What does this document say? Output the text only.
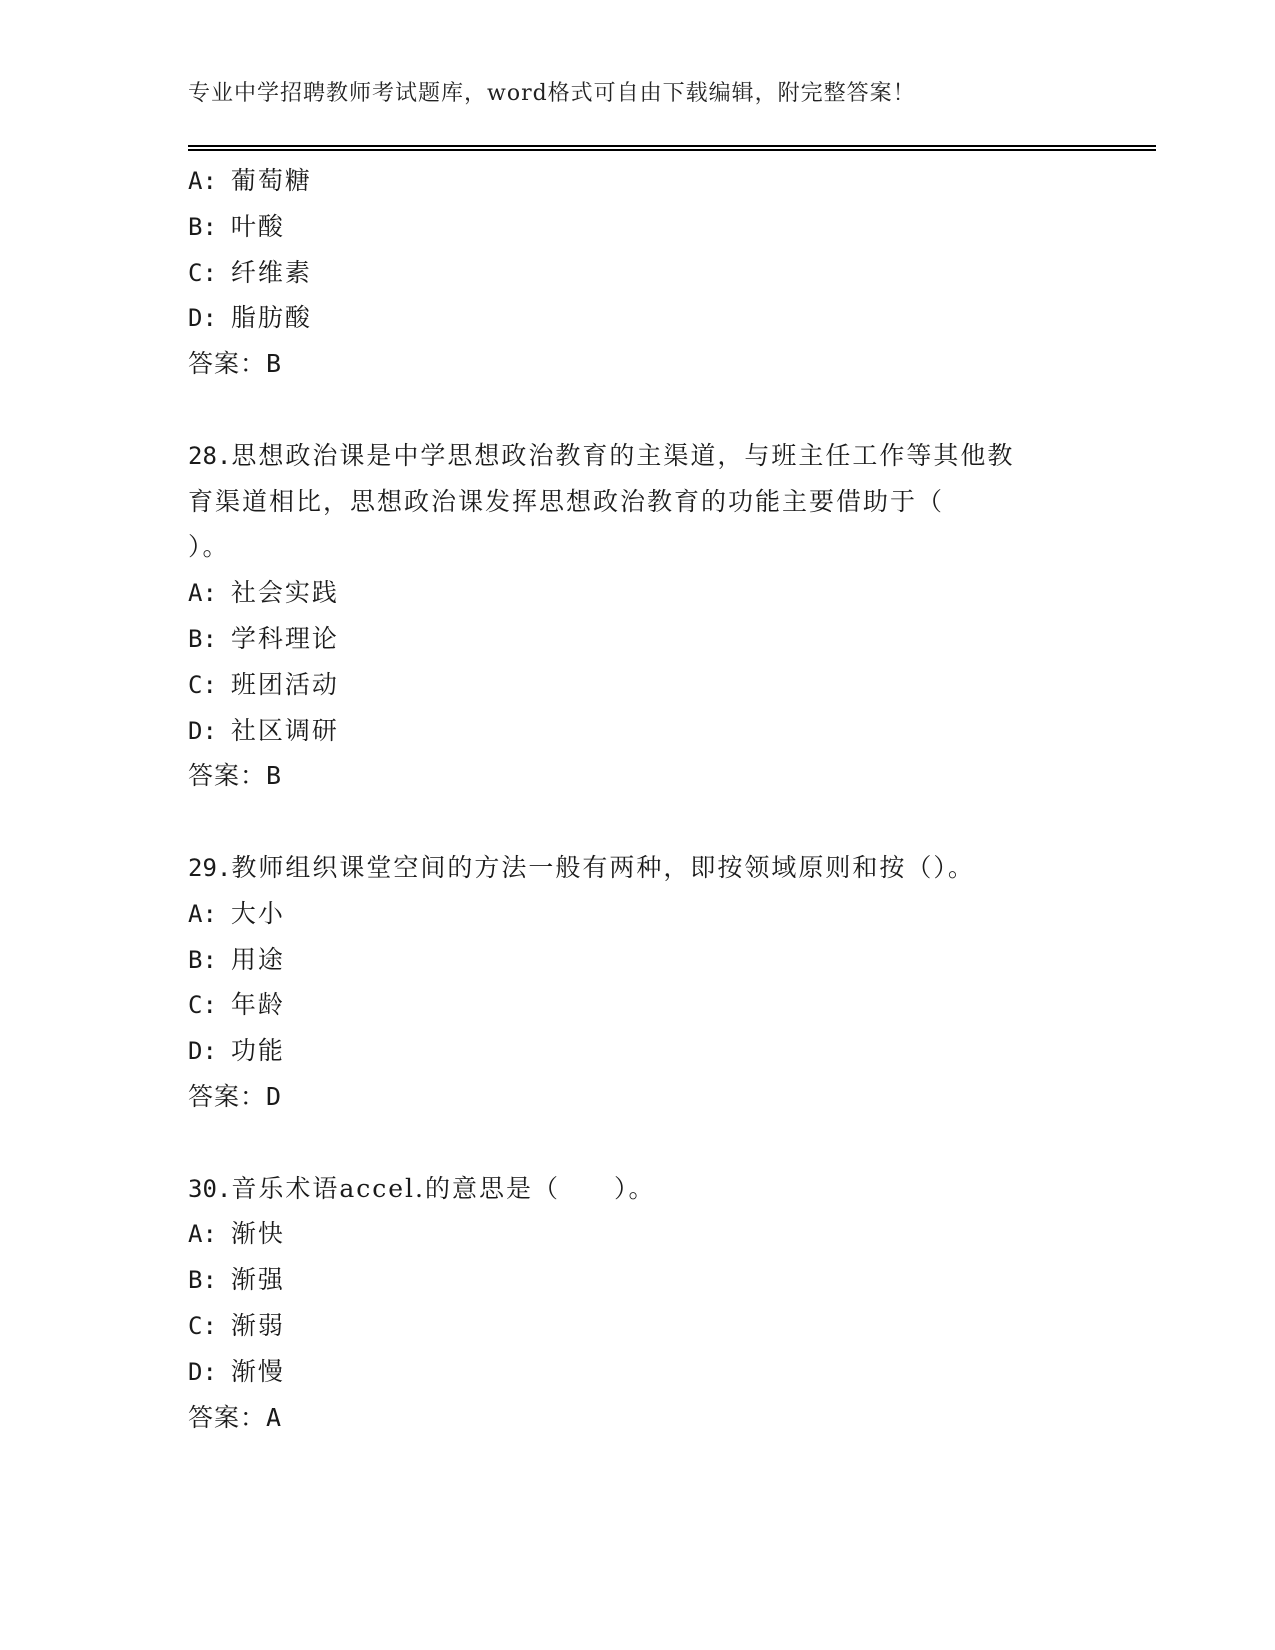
专业中学招聘教师考试题库，word格式可自由下载编辑，附完整答案！
A: 葡萄糖
B: 叶酸
C: 纤维素
D: 脂肪酸
答案：B
28.思想政治课是中学思想政治教育的主渠道，与班主任工作等其他教
育渠道相比，思想政治课发挥思想政治教育的功能主要借助于（
）。
A: 社会实践
B: 学科理论
C: 班团活动
D: 社区调研
答案：B
29.教师组织课堂空间的方法一般有两种，即按领域原则和按（）。
A: 大小
B: 用途
C: 年龄
D: 功能
答案：D
30.音乐术语accel.的意思是（　　）。
A: 渐快
B: 渐强
C: 渐弱
D: 渐慢
答案：A
